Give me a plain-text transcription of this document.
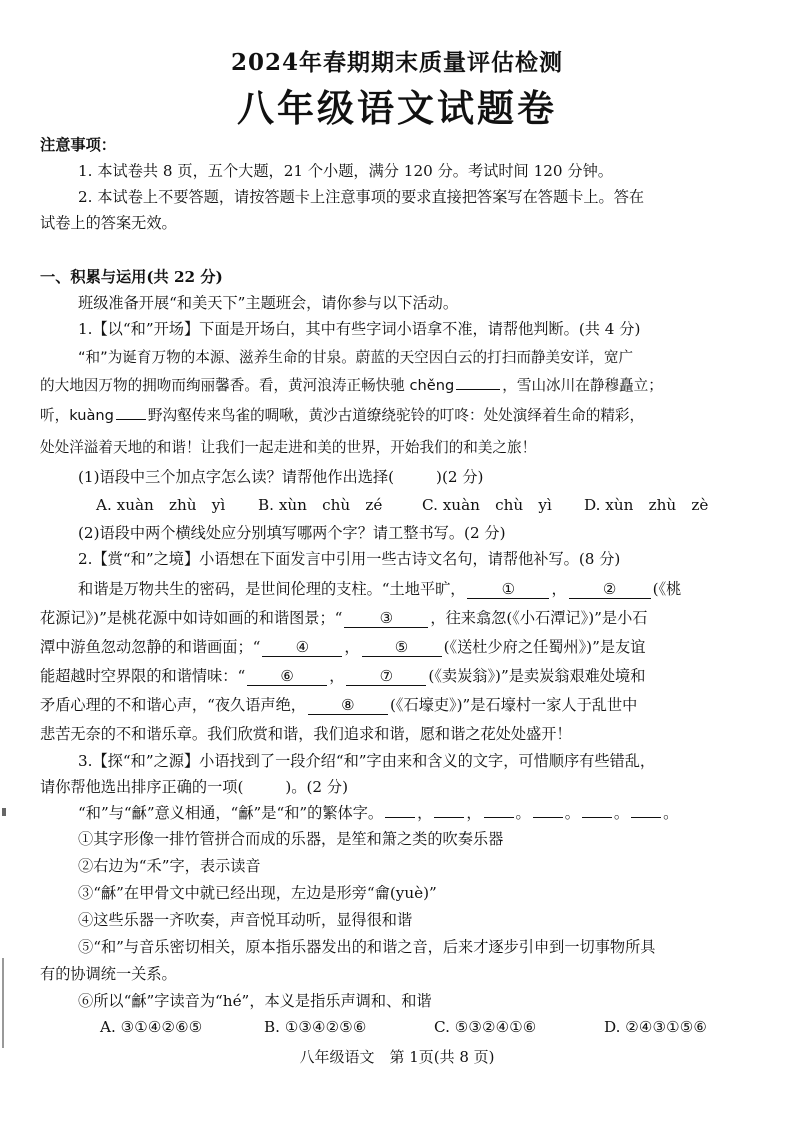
2024年春期期末质量评估检测
八年级语文试题卷
注意事项：
1. 本试卷共 8 页，五个大题，21 个小题，满分 120 分。考试时间 120 分钟。
2. 本试卷上不要答题，请按答题卡上注意事项的要求直接把答案写在答题卡上。答在
试卷上的答案无效。
一、积累与运用(共 22 分)
班级准备开展“和美天下”主题班会，请你参与以下活动。
1.【以“和”开场】下面是开场白，其中有些字词小语拿不准，请帮他判断。(共 4 分)
“和”为诞育万物的本源、滋养生命的甘泉。蔚蓝的天空因白云的打扫而静美安详，宽广
的大地因万物的拥吻而绚丽馨香。看，黄河浪涛正畅快驰 chěng	，雪山冰川在静穆矗立；
听，kuàng 野沟壑传来鸟雀的啁啾，黄沙古道缭绕驼铃的叮咚：处处演绎着生命的精彩，
处处洋溢着天地的和谐！让我们一起走进和美的世界，开始我们的和美之旅！
(1)语段中三个加点字怎么读？请帮他作出选择(	)(2 分)
A. xuàn　zhù　yì B. xùn　chù　zé	C. xuàn　chù　yì D. xùn　zhù　zè
(2)语段中两个横线处应分别填写哪两个字？请工整书写。(2 分)
2.【赏“和”之境】小语想在下面发言中引用一些古诗文名句，请帮他补写。(8 分)
和谐是万物共生的密码，是世间伦理的支柱。“土地平旷， ① ， ② (《桃
花源记》)”是桃花源中如诗如画的和谐图景；“ ③ ，往来翕忽(《小石潭记》)”是小石
潭中游鱼忽动忽静的和谐画面；“ ④ ， ⑤ (《送杜少府之任蜀州》)”是友谊
能超越时空界限的和谐情味：“ ⑥ ， ⑦ (《卖炭翁》)”是卖炭翁艰难处境和
矛盾心理的不和谐心声，“夜久语声绝， ⑧ (《石壕吏》)”是石壕村一家人于乱世中
悲苦无奈的不和谐乐章。我们欣赏和谐，我们追求和谐，愿和谐之花处处盛开！
3.【探“和”之源】小语找到了一段介绍“和”字由来和含义的文字，可惜顺序有些错乱，
请你帮他选出排序正确的一项(	)。(2 分)
“和”与“龢”意义相通，“龢”是“和”的繁体字。 ， ， 。 。 。 。
①其字形像一排竹管拼合而成的乐器，是笙和箫之类的吹奏乐器
②右边为“禾”字，表示读音
③“龢”在甲骨文中就已经出现，左边是形旁“龠(yuè)”
④这些乐器一齐吹奏，声音悦耳动听，显得很和谐
⑤“和”与音乐密切相关，原本指乐器发出的和谐之音，后来才逐步引申到一切事物所具
有的协调统一关系。
⑥所以“龢”字读音为“hé”，本义是指乐声调和、和谐
A. ③①④②⑥⑤	B. ①③④②⑤⑥	C. ⑤③②④①⑥	D. ②④③①⑤⑥
八年级语文　第 1页(共 8 页)
